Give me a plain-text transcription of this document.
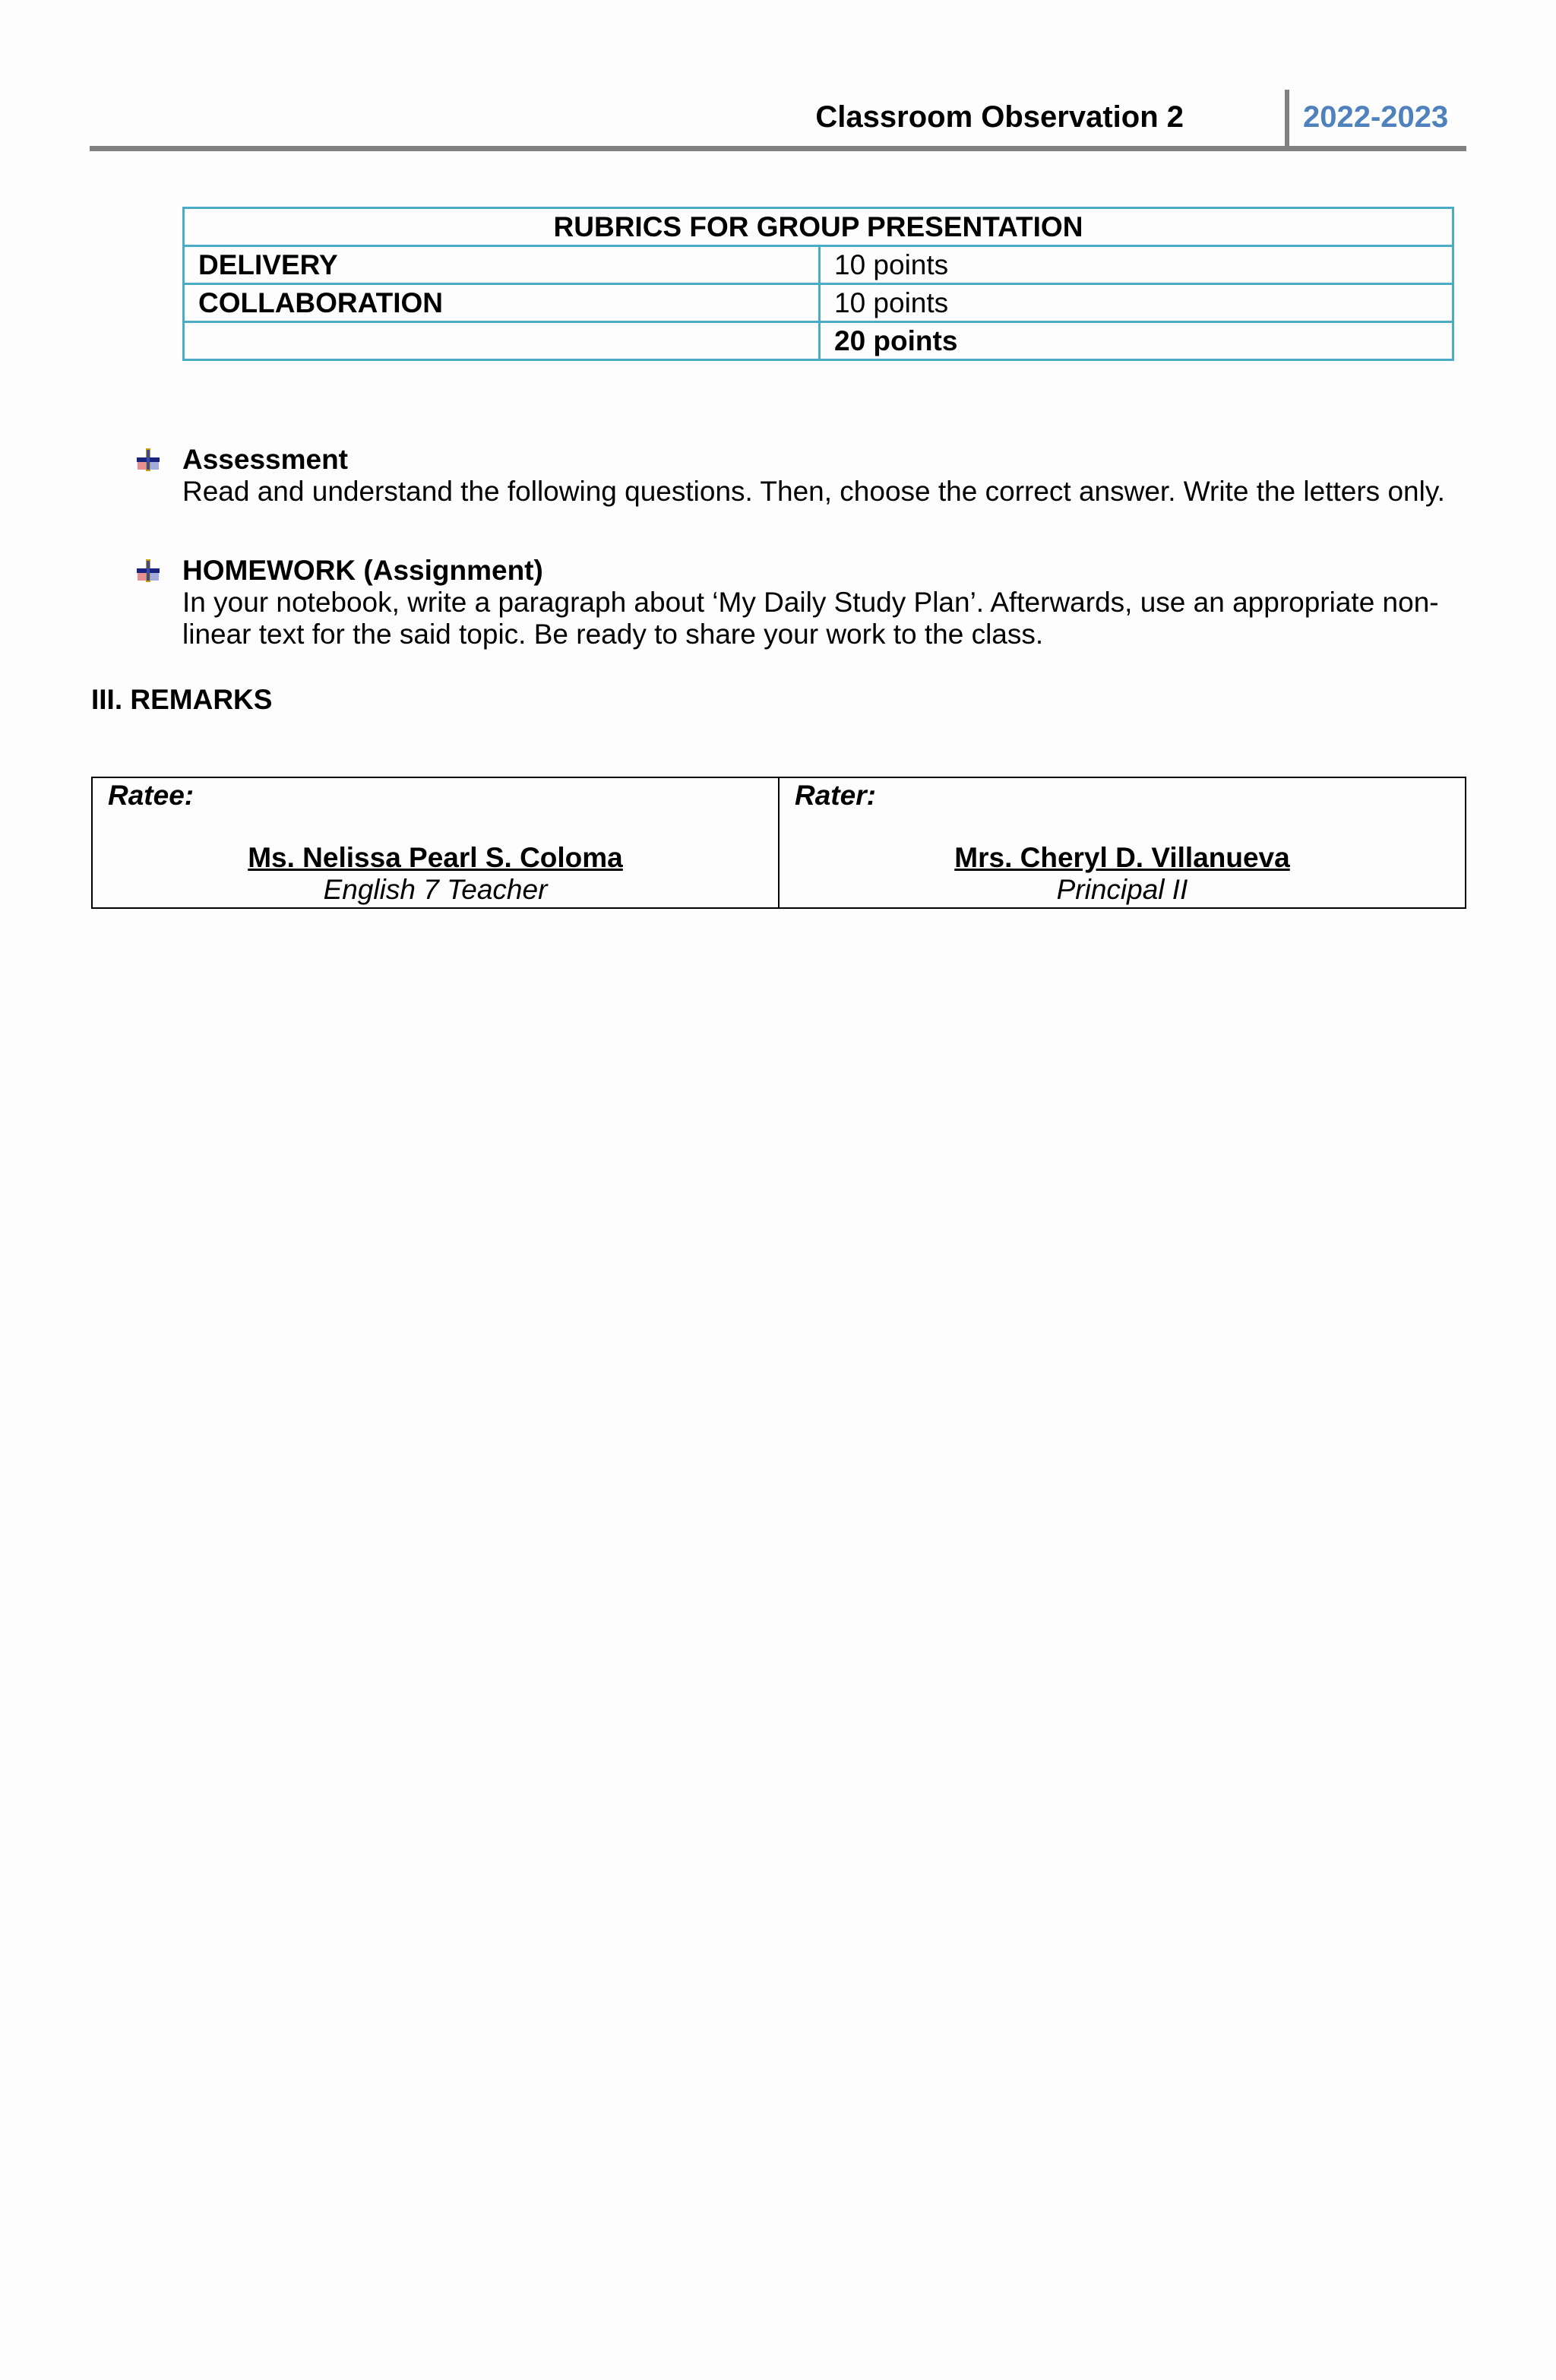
Classroom Observation 2	2022-2023
RUBRICS FOR GROUP PRESENTATION	
DELIVERY	10 points
COLLABORATION	10 points
	20 points
Assessment
Read and understand the following questions. Then, choose the correct answer. Write the letters only.
HOMEWORK (Assignment)
In your notebook, write a paragraph about ‘My Daily Study Plan’. Afterwards, use an appropriate non-
linear text for the said topic. Be ready to share your work to the class.
III. REMARKS
Ratee:
Ms. Nelissa Pearl S. Coloma
English 7 Teacher

Rater:
Mrs. Cheryl D. Villanueva
Principal II
